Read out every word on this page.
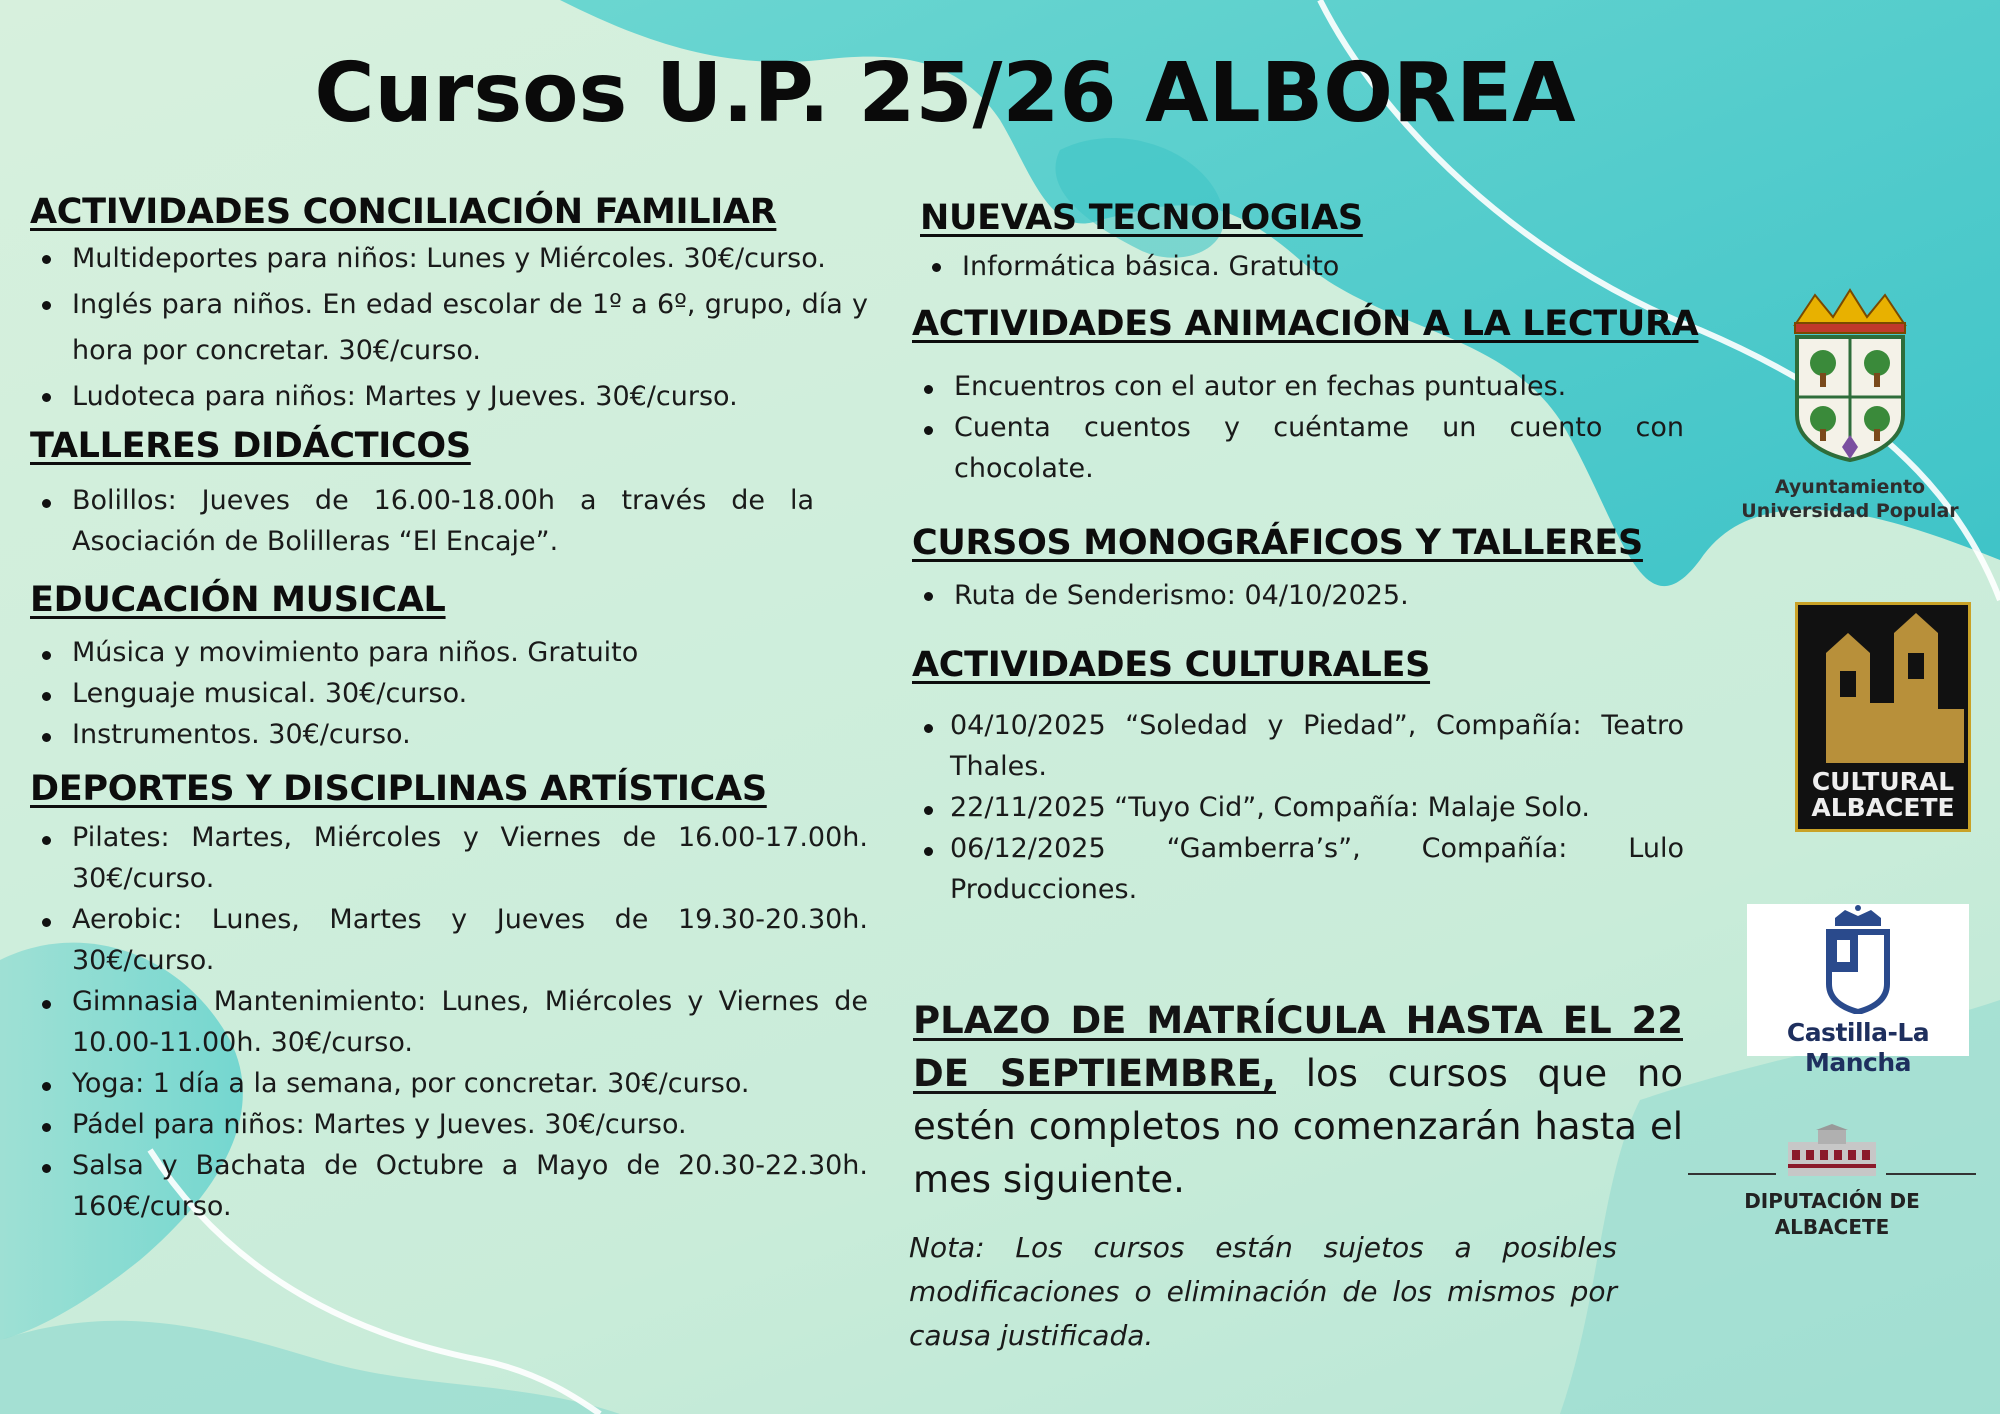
Cursos U.P. 25/26 ALBOREA
ACTIVIDADES CONCILIACIÓN FAMILIAR
Multideportes para niños: Lunes y Miércoles. 30€/curso.
Inglés para niños. En edad escolar de 1º a 6º, grupo, día y hora por concretar. 30€/curso.
Ludoteca para niños: Martes y Jueves. 30€/curso.
TALLERES DIDÁCTICOS
Bolillos: Jueves de 16.00-18.00h a través de la Asociación de Bolilleras “El Encaje”.
EDUCACIÓN MUSICAL
Música y movimiento para niños. Gratuito
Lenguaje musical. 30€/curso.
Instrumentos. 30€/curso.
DEPORTES Y DISCIPLINAS ARTÍSTICAS
Pilates: Martes, Miércoles y Viernes de 16.00-17.00h. 30€/curso.
Aerobic: Lunes, Martes y Jueves de 19.30-20.30h. 30€/curso.
Gimnasia Mantenimiento: Lunes, Miércoles y Viernes de 10.00-11.00h. 30€/curso.
Yoga: 1 día a la semana, por concretar. 30€/curso.
Pádel para niños: Martes y Jueves. 30€/curso.
Salsa y Bachata de Octubre a Mayo de 20.30-22.30h. 160€/curso.
NUEVAS TECNOLOGIAS
Informática básica. Gratuito
ACTIVIDADES ANIMACIÓN A LA LECTURA
Encuentros con el autor en fechas puntuales.
Cuenta cuentos y cuéntame un cuento con chocolate.
CURSOS MONOGRÁFICOS Y TALLERES
Ruta de Senderismo: 04/10/2025.
ACTIVIDADES CULTURALES
04/10/2025 “Soledad y Piedad”, Compañía: Teatro Thales.
22/11/2025 “Tuyo Cid”, Compañía: Malaje Solo.
06/12/2025 “Gamberra’s”, Compañía: Lulo Producciones.
PLAZO DE MATRÍCULA HASTA EL 22 DE SEPTIEMBRE, los cursos que no estén completos no comenzarán hasta el mes siguiente.
Nota: Los cursos están sujetos a posibles modificaciones o eliminación de los mismos por causa justificada.
Ayuntamiento
Universidad Popular
CULTURAL
ALBACETE
Castilla-La Mancha
DIPUTACIÓN DE ALBACETE
